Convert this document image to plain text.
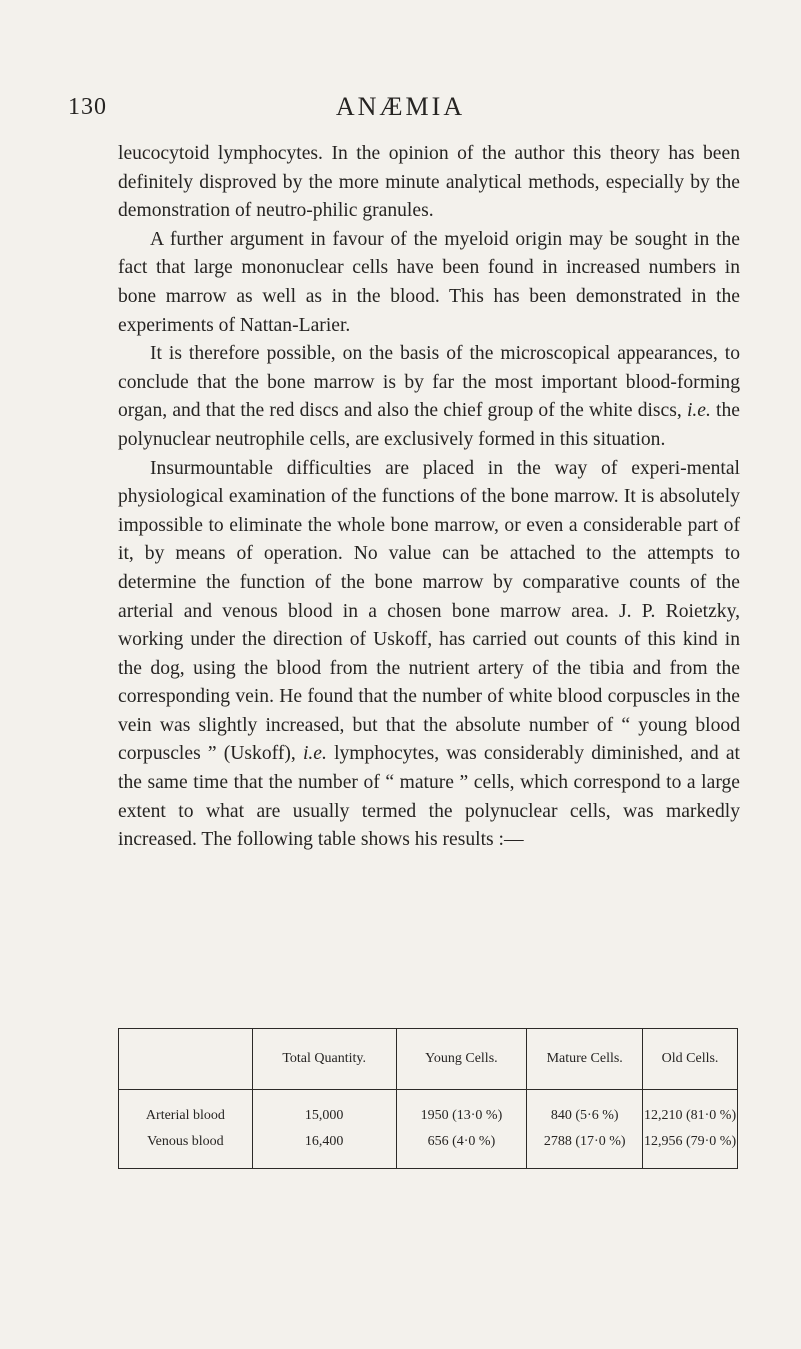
130	ANÆMIA

leucocytoid lymphocytes. In the opinion of the author this theory has been definitely disproved by the more minute analytical methods, especially by the demonstration of neutro-philic granules.

A further argument in favour of the myeloid origin may be sought in the fact that large mononuclear cells have been found in increased numbers in bone marrow as well as in the blood. This has been demonstrated in the experiments of Nattan-Larier.

It is therefore possible, on the basis of the microscopical appearances, to conclude that the bone marrow is by far the most important blood-forming organ, and that the red discs and also the chief group of the white discs, i.e. the polynuclear neutrophile cells, are exclusively formed in this situation.

Insurmountable difficulties are placed in the way of experi-mental physiological examination of the functions of the bone marrow. It is absolutely impossible to eliminate the whole bone marrow, or even a considerable part of it, by means of operation. No value can be attached to the attempts to determine the function of the bone marrow by comparative counts of the arterial and venous blood in a chosen bone marrow area. J. P. Roietzky, working under the direction of Uskoff, has carried out counts of this kind in the dog, using the blood from the nutrient artery of the tibia and from the corresponding vein. He found that the number of white blood corpuscles in the vein was slightly increased, but that the absolute number of “ young blood corpuscles ” (Uskoff), i.e. lymphocytes, was considerably diminished, and at the same time that the number of “ mature ” cells, which correspond to a large extent to what are usually termed the polynuclear cells, was markedly increased. The following table shows his results :—

	Total Quantity.	Young Cells.	Mature Cells.	Old Cells.
Arterial blood	15,000	1950 (13·0 %)	840 (5·6 %)	12,210 (81·0 %)
Venous blood	16,400	656 (4·0 %)	2788 (17·0 %)	12,956 (79·0 %)
